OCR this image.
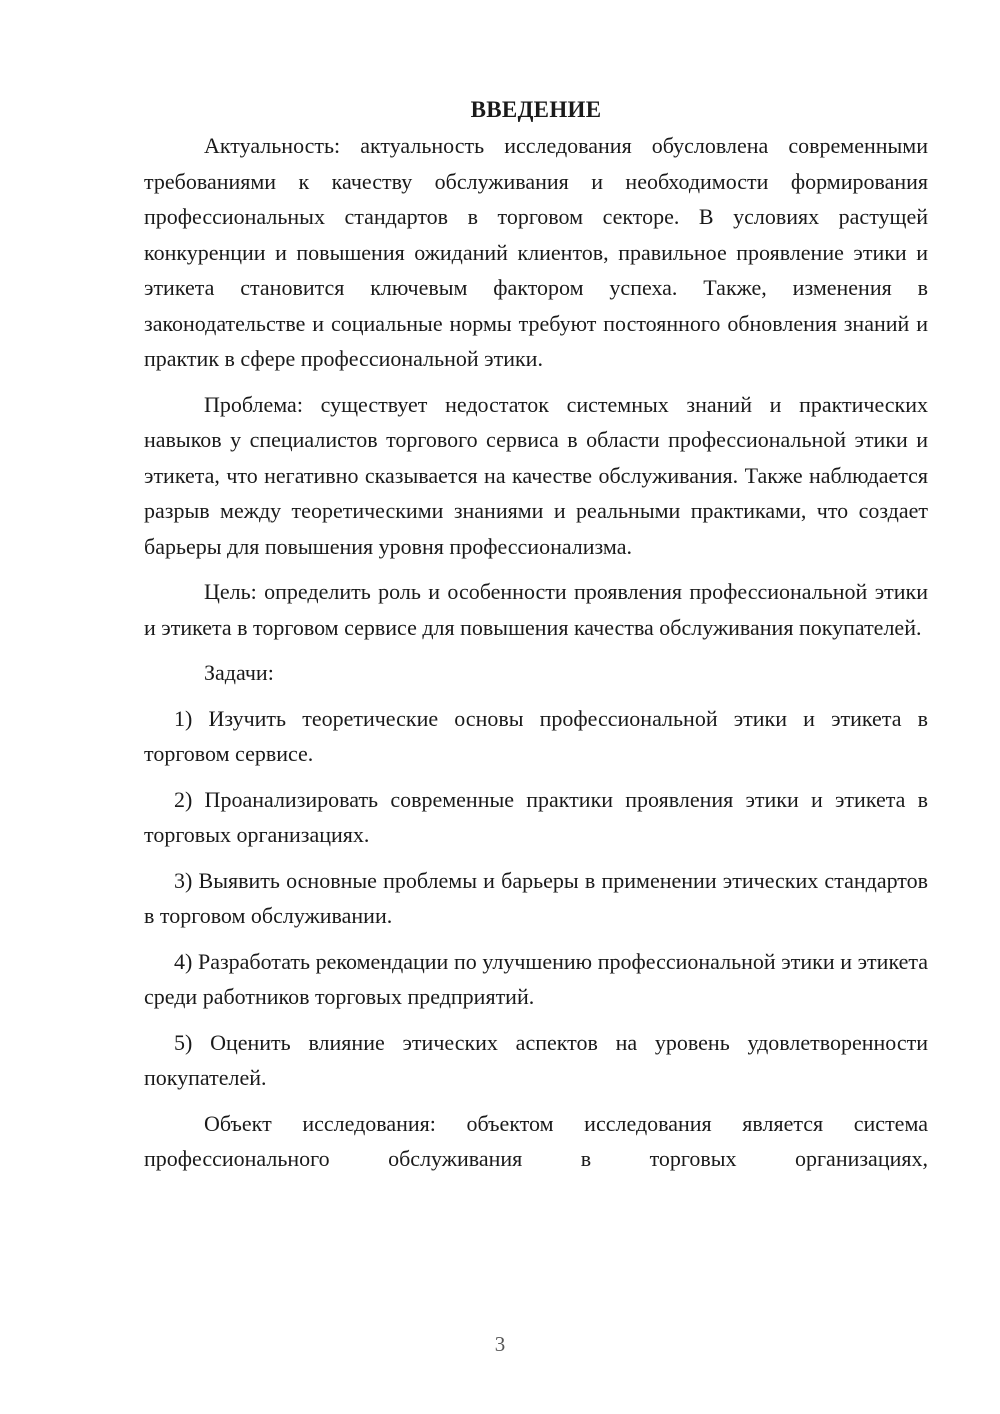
ВВЕДЕНИЕ

Актуальность: актуальность исследования обусловлена современными требованиями к качеству обслуживания и необходимости формирования профессиональных стандартов в торговом секторе. В условиях растущей конкуренции и повышения ожиданий клиентов, правильное проявление этики и этикета становится ключевым фактором успеха. Также, изменения в законодательстве и социальные нормы требуют постоянного обновления знаний и практик в сфере профессиональной этики.

Проблема: существует недостаток системных знаний и практических навыков у специалистов торгового сервиса в области профессиональной этики и этикета, что негативно сказывается на качестве обслуживания. Также наблюдается разрыв между теоретическими знаниями и реальными практиками, что создает барьеры для повышения уровня профессионализма.

Цель: определить роль и особенности проявления профессиональной этики и этикета в торговом сервисе для повышения качества обслуживания покупателей.

Задачи:

1) Изучить теоретические основы профессиональной этики и этикета в торговом сервисе.

2) Проанализировать современные практики проявления этики и этикета в торговых организациях.

3) Выявить основные проблемы и барьеры в применении этических стандартов в торговом обслуживании.

4) Разработать рекомендации по улучшению профессиональной этики и этикета среди работников торговых предприятий.

5) Оценить влияние этических аспектов на уровень удовлетворенности покупателей.

Объект исследования: объектом исследования является система профессионального обслуживания в торговых организациях,

3
